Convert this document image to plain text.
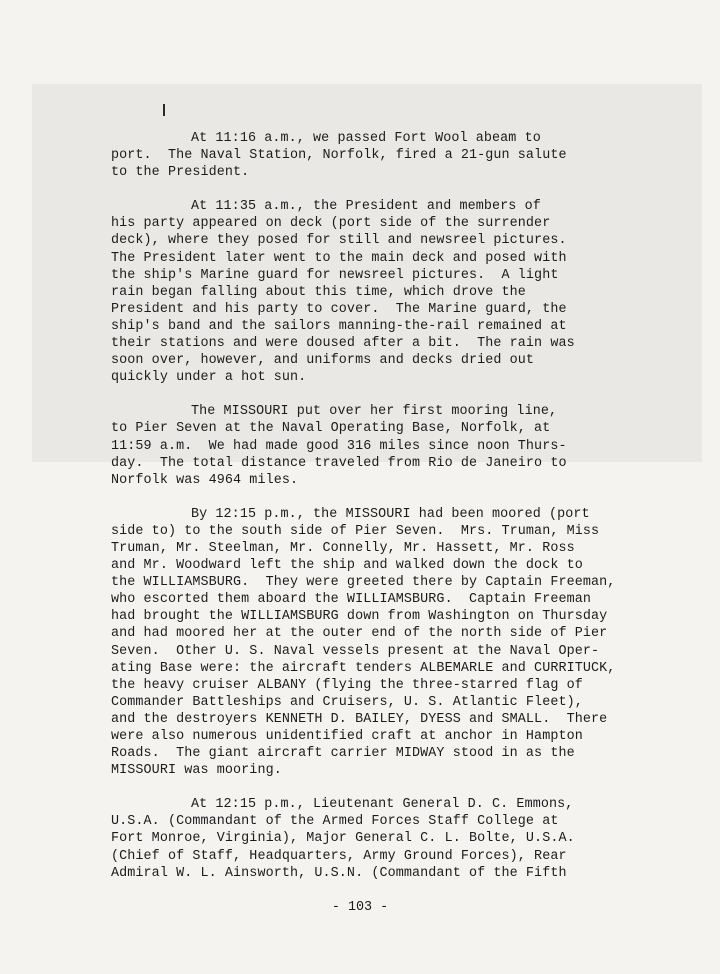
At 11:16 a.m., we passed Fort Wool abeam to
port.  The Naval Station, Norfolk, fired a 21-gun salute
to the President.
At 11:35 a.m., the President and members of
his party appeared on deck (port side of the surrender
deck), where they posed for still and newsreel pictures.
The President later went to the main deck and posed with
the ship's Marine guard for newsreel pictures.  A light
rain began falling about this time, which drove the
President and his party to cover.  The Marine guard, the
ship's band and the sailors manning-the-rail remained at
their stations and were doused after a bit.  The rain was
soon over, however, and uniforms and decks dried out
quickly under a hot sun.
The MISSOURI put over her first mooring line,
to Pier Seven at the Naval Operating Base, Norfolk, at
11:59 a.m.  We had made good 316 miles since noon Thurs-
day.  The total distance traveled from Rio de Janeiro to
Norfolk was 4964 miles.
By 12:15 p.m., the MISSOURI had been moored (port
side to) to the south side of Pier Seven.  Mrs. Truman, Miss
Truman, Mr. Steelman, Mr. Connelly, Mr. Hassett, Mr. Ross
and Mr. Woodward left the ship and walked down the dock to
the WILLIAMSBURG.  They were greeted there by Captain Freeman,
who escorted them aboard the WILLIAMSBURG.  Captain Freeman
had brought the WILLIAMSBURG down from Washington on Thursday
and had moored her at the outer end of the north side of Pier
Seven.  Other U. S. Naval vessels present at the Naval Oper-
ating Base were: the aircraft tenders ALBEMARLE and CURRITUCK,
the heavy cruiser ALBANY (flying the three-starred flag of
Commander Battleships and Cruisers, U. S. Atlantic Fleet),
and the destroyers KENNETH D. BAILEY, DYESS and SMALL.  There
were also numerous unidentified craft at anchor in Hampton
Roads.  The giant aircraft carrier MIDWAY stood in as the
MISSOURI was mooring.
At 12:15 p.m., Lieutenant General D. C. Emmons,
U.S.A. (Commandant of the Armed Forces Staff College at
Fort Monroe, Virginia), Major General C. L. Bolte, U.S.A.
(Chief of Staff, Headquarters, Army Ground Forces), Rear
Admiral W. L. Ainsworth, U.S.N. (Commandant of the Fifth
- 103 -
